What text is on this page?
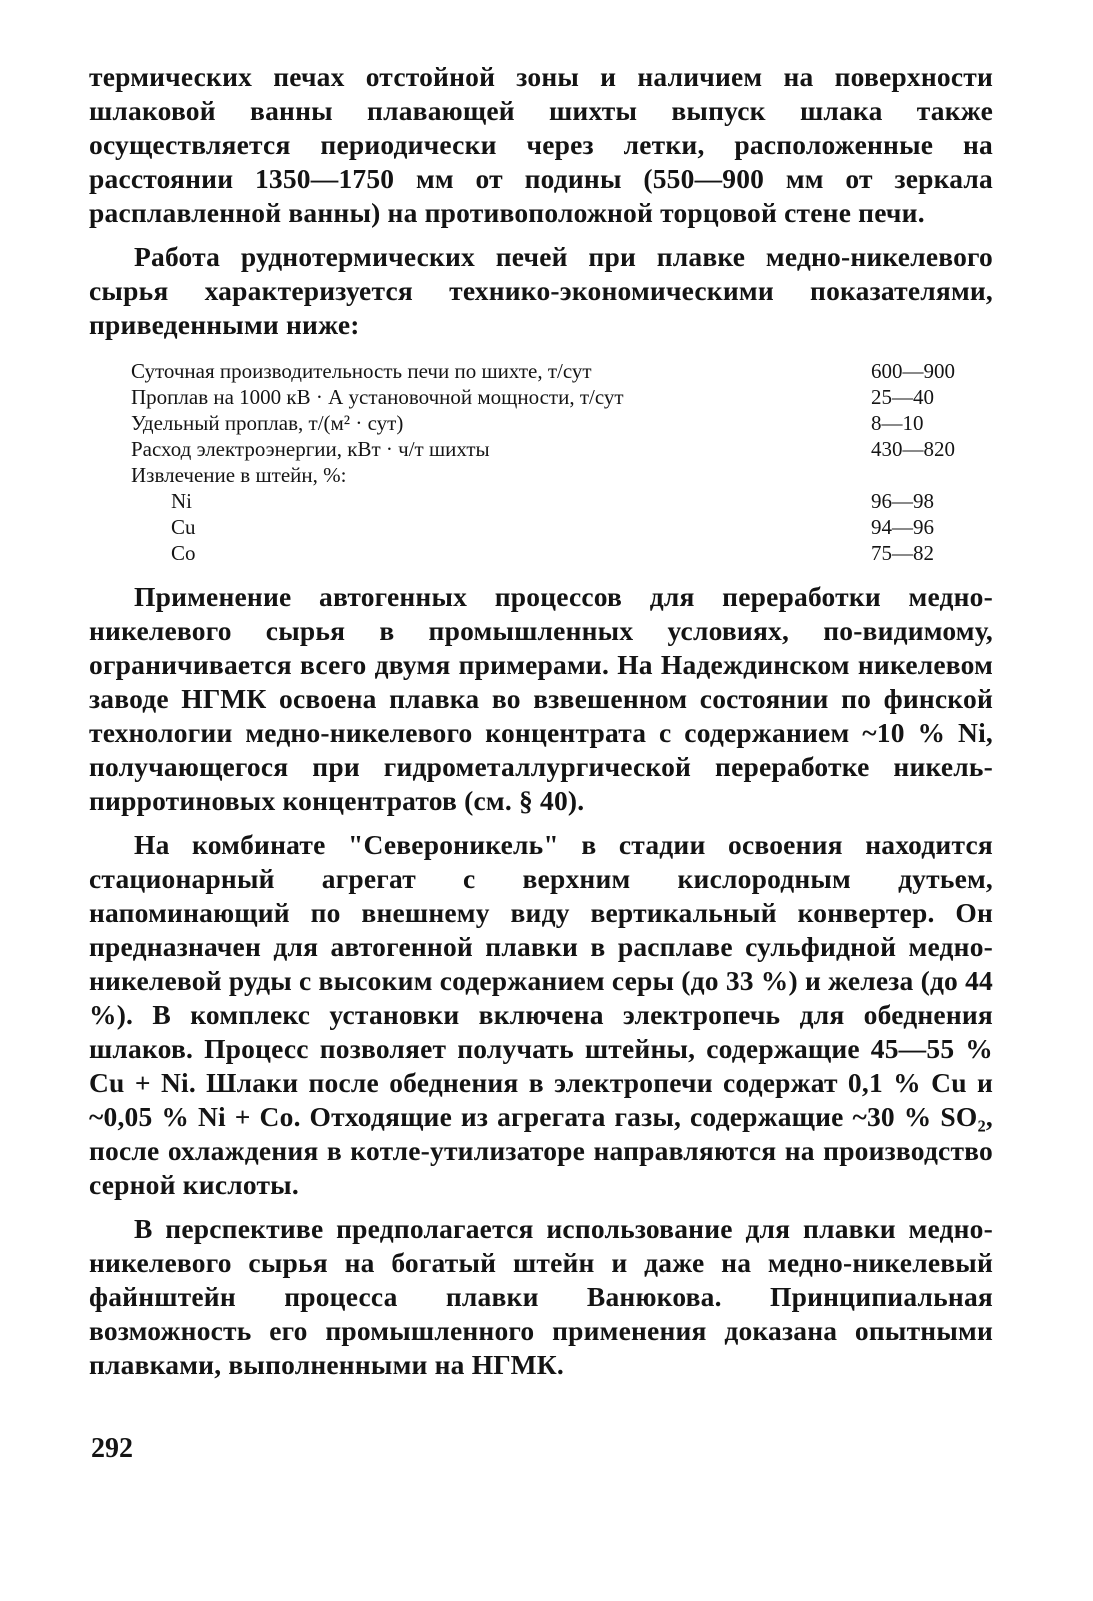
термических печах отстойной зоны и наличием на поверхности шлаковой ванны плавающей шихты выпуск шлака также осуществляется периодически через летки, расположенные на расстоянии 1350—1750 мм от подины (550—900 мм от зеркала расплавленной ванны) на противоположной торцовой стене печи.

Работа руднотермических печей при плавке медно-никелевого сырья характеризуется технико-экономическими показателями, приведенными ниже:

Суточная производительность печи по шихте, т/сут	600—900
Проплав на 1000 кВ · А установочной мощности, т/сут	25—40
Удельный проплав, т/(м² · сут)	8—10
Расход электроэнергии, кВт · ч/т шихты	430—820
Извлечение в штейн, %:
Ni	96—98
Cu	94—96
Co	75—82

Применение автогенных процессов для переработки медно-никелевого сырья в промышленных условиях, по-видимому, ограничивается всего двумя примерами. На Надеждинском никелевом заводе НГМК освоена плавка во взвешенном состоянии по финской технологии медно-никелевого концентрата с содержанием ~10 % Ni, получающегося при гидрометаллургической переработке никель-пирротиновых концентратов (см. § 40).

На комбинате "Североникель" в стадии освоения находится стационарный агрегат с верхним кислородным дутьем, напоминающий по внешнему виду вертикальный конвертер. Он предназначен для автогенной плавки в расплаве сульфидной медно-никелевой руды с высоким содержанием серы (до 33 %) и железа (до 44 %). В комплекс установки включена электропечь для обеднения шлаков. Процесс позволяет получать штейны, содержащие 45—55 % Cu + Ni. Шлаки после обеднения в электропечи содержат 0,1 % Cu и ~0,05 % Ni + Co. Отходящие из агрегата газы, содержащие ~30 % SO₂, после охлаждения в котле-утилизаторе направляются на производство серной кислоты.

В перспективе предполагается использование для плавки медно-никелевого сырья на богатый штейн и даже на медно-никелевый файнштейн процесса плавки Ванюкова. Принципиальная возможность его промышленного применения доказана опытными плавками, выполненными на НГМК.

292
